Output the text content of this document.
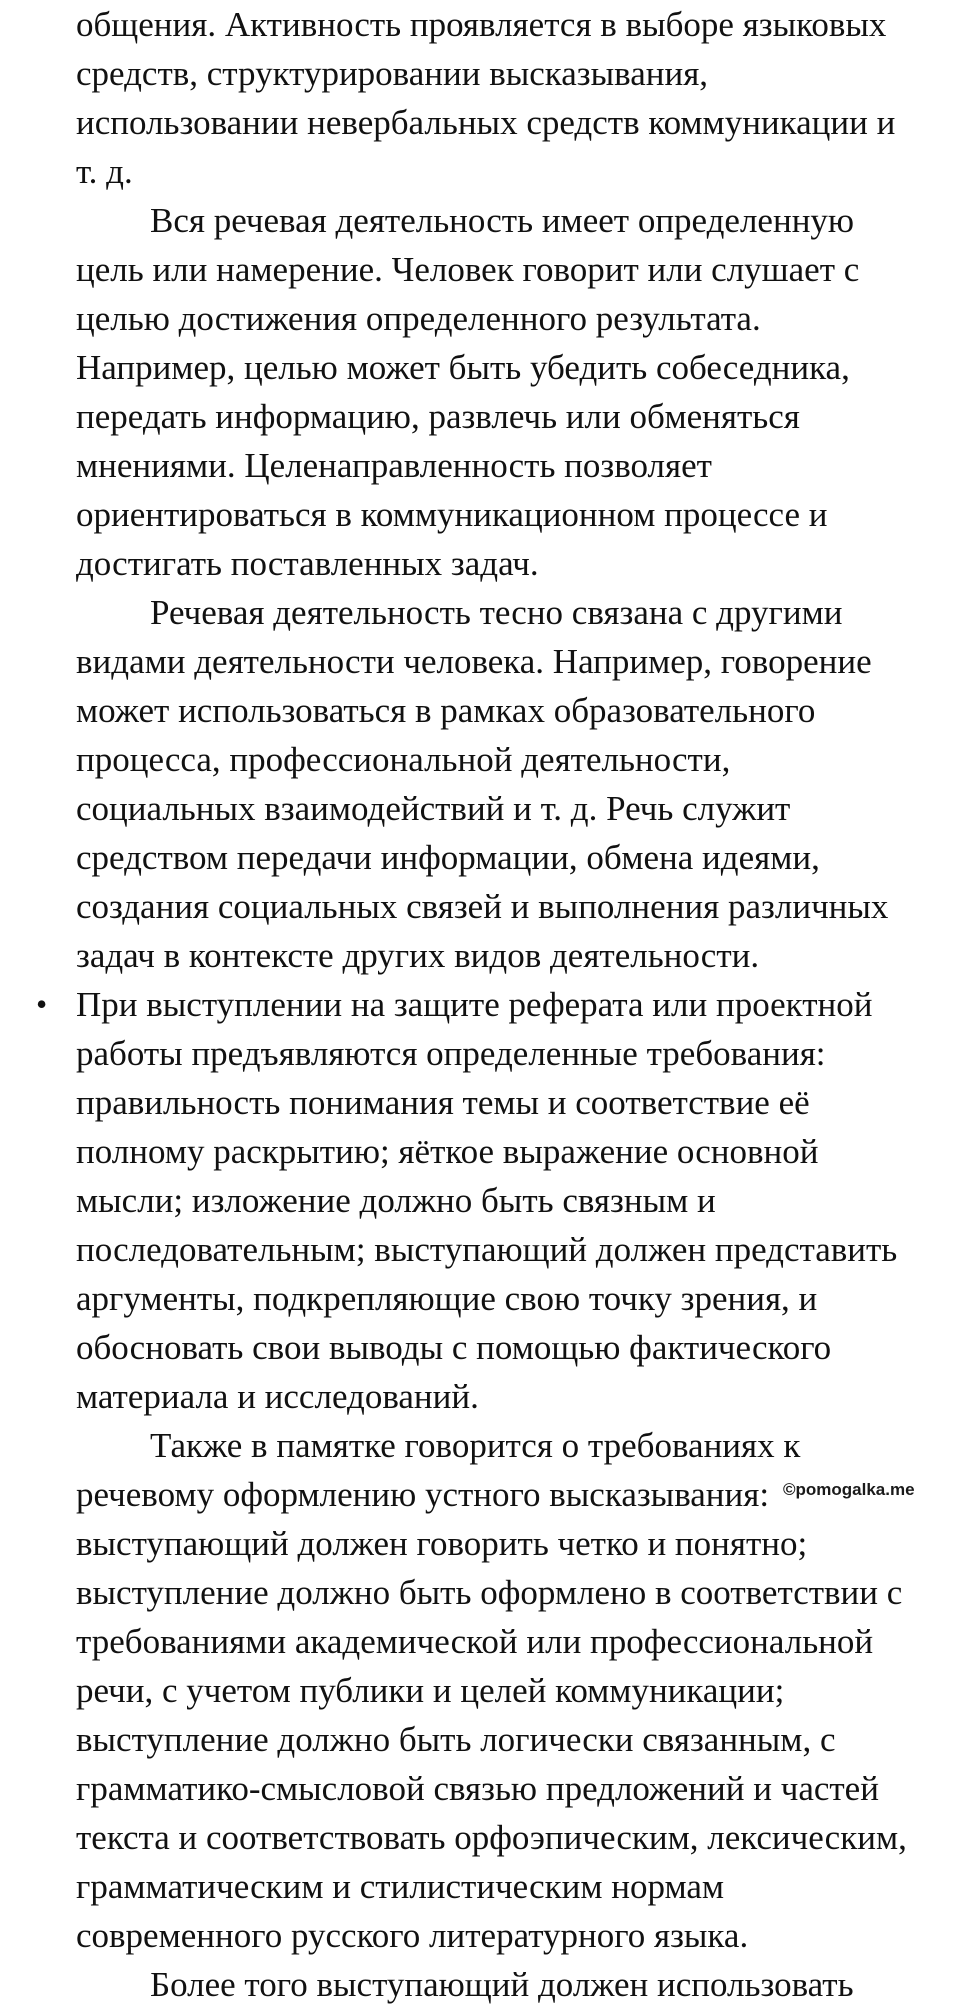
общения. Активность проявляется в выборе языковых
средств, структурировании высказывания,
использовании невербальных средств коммуникации и
т. д.
Вся речевая деятельность имеет определенную
цель или намерение. Человек говорит или слушает с
целью достижения определенного результата.
Например, целью может быть убедить собеседника,
передать информацию, развлечь или обменяться
мнениями. Целенаправленность позволяет
ориентироваться в коммуникационном процессе и
достигать поставленных задач.
Речевая деятельность тесно связана с другими
видами деятельности человека. Например, говорение
может использоваться в рамках образовательного
процесса, профессиональной деятельности,
социальных взаимодействий и т. д. Речь служит
средством передачи информации, обмена идеями,
создания социальных связей и выполнения различных
задач в контексте других видов деятельности.
При выступлении на защите реферата или проектной
работы предъявляются определенные требования:
правильность понимания темы и соответствие её
полному раскрытию; яёткое выражение основной
мысли; изложение должно быть связным и
последовательным; выступающий должен представить
аргументы, подкрепляющие свою точку зрения, и
обосновать свои выводы с помощью фактического
материала и исследований.
Также в памятке говорится о требованиях к
речевому оформлению устного высказывания:
выступающий должен говорить четко и понятно;
выступление должно быть оформлено в соответствии с
требованиями академической или профессиональной
речи, с учетом публики и целей коммуникации;
выступление должно быть логически связанным, с
грамматико-смысловой связью предложений и частей
текста и соответствовать орфоэпическим, лексическим,
грамматическим и стилистическим нормам
современного русского литературного языка.
Более того выступающий должен использовать
•
©pomogalka.me
